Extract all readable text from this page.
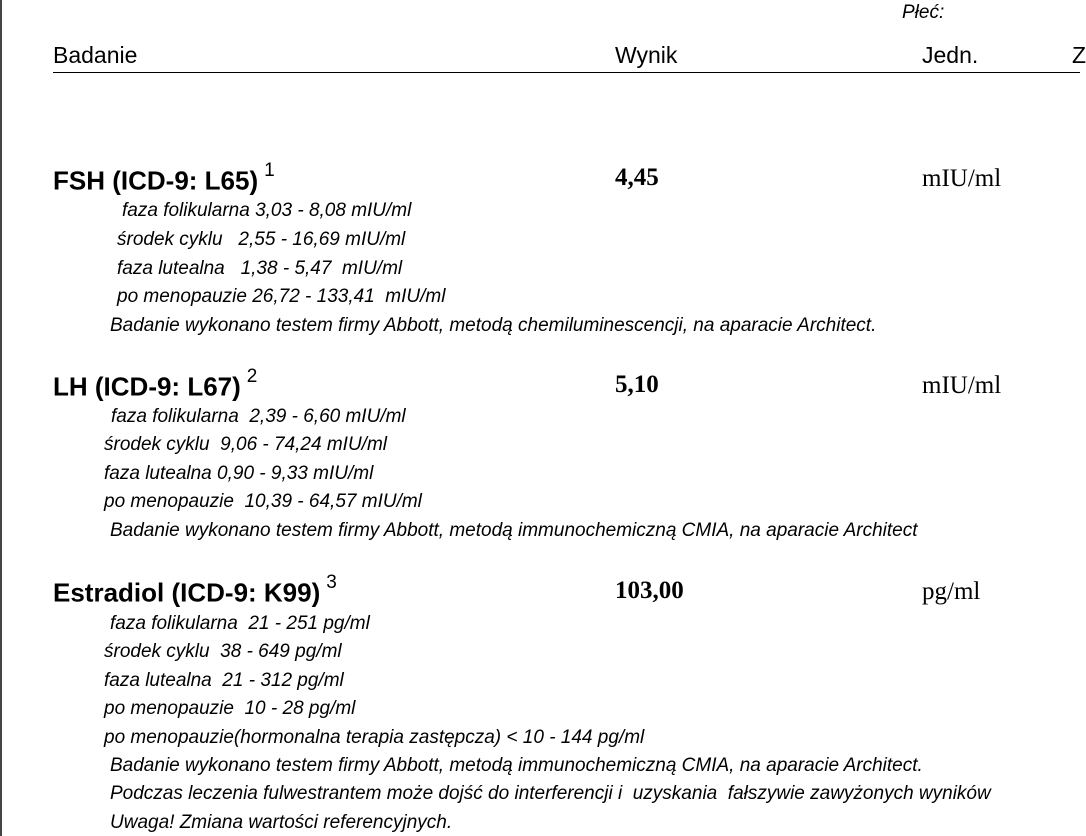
Płeć:
Badanie	Wynik	Jedn.	Z
FSH (ICD-9: L65) $^1$	4,45	mIU/ml
faza folikularna 3,03 - 8,08 mIU/ml
środek cyklu   2,55 - 16,69 mIU/ml
faza lutealna   1,38 - 5,47  mIU/ml
po menopauzie 26,72 - 133,41  mIU/ml
Badanie wykonano testem firmy Abbott, metodą chemiluminescencji, na aparacie Architect.
LH (ICD-9: L67) $^2$	5,10	mIU/ml
faza folikularna  2,39 - 6,60 mIU/ml
środek cyklu  9,06 - 74,24 mIU/ml
faza lutealna 0,90 - 9,33 mIU/ml
po menopauzie  10,39 - 64,57 mIU/ml
Badanie wykonano testem firmy Abbott, metodą immunochemiczną CMIA, na aparacie Architect
Estradiol (ICD-9: K99) $^3$	103,00	pg/ml
faza folikularna  21 - 251 pg/ml
środek cyklu  38 - 649 pg/ml
faza lutealna  21 - 312 pg/ml
po menopauzie  10 - 28 pg/ml
po menopauzie(hormonalna terapia zastępcza) < 10 - 144 pg/ml
Badanie wykonano testem firmy Abbott, metodą immunochemiczną CMIA, na aparacie Architect.
Podczas leczenia fulwestrantem może dojść do interferencji i  uzyskania  fałszywie zawyżonych wyników
Uwaga! Zmiana wartości referencyjnych.
